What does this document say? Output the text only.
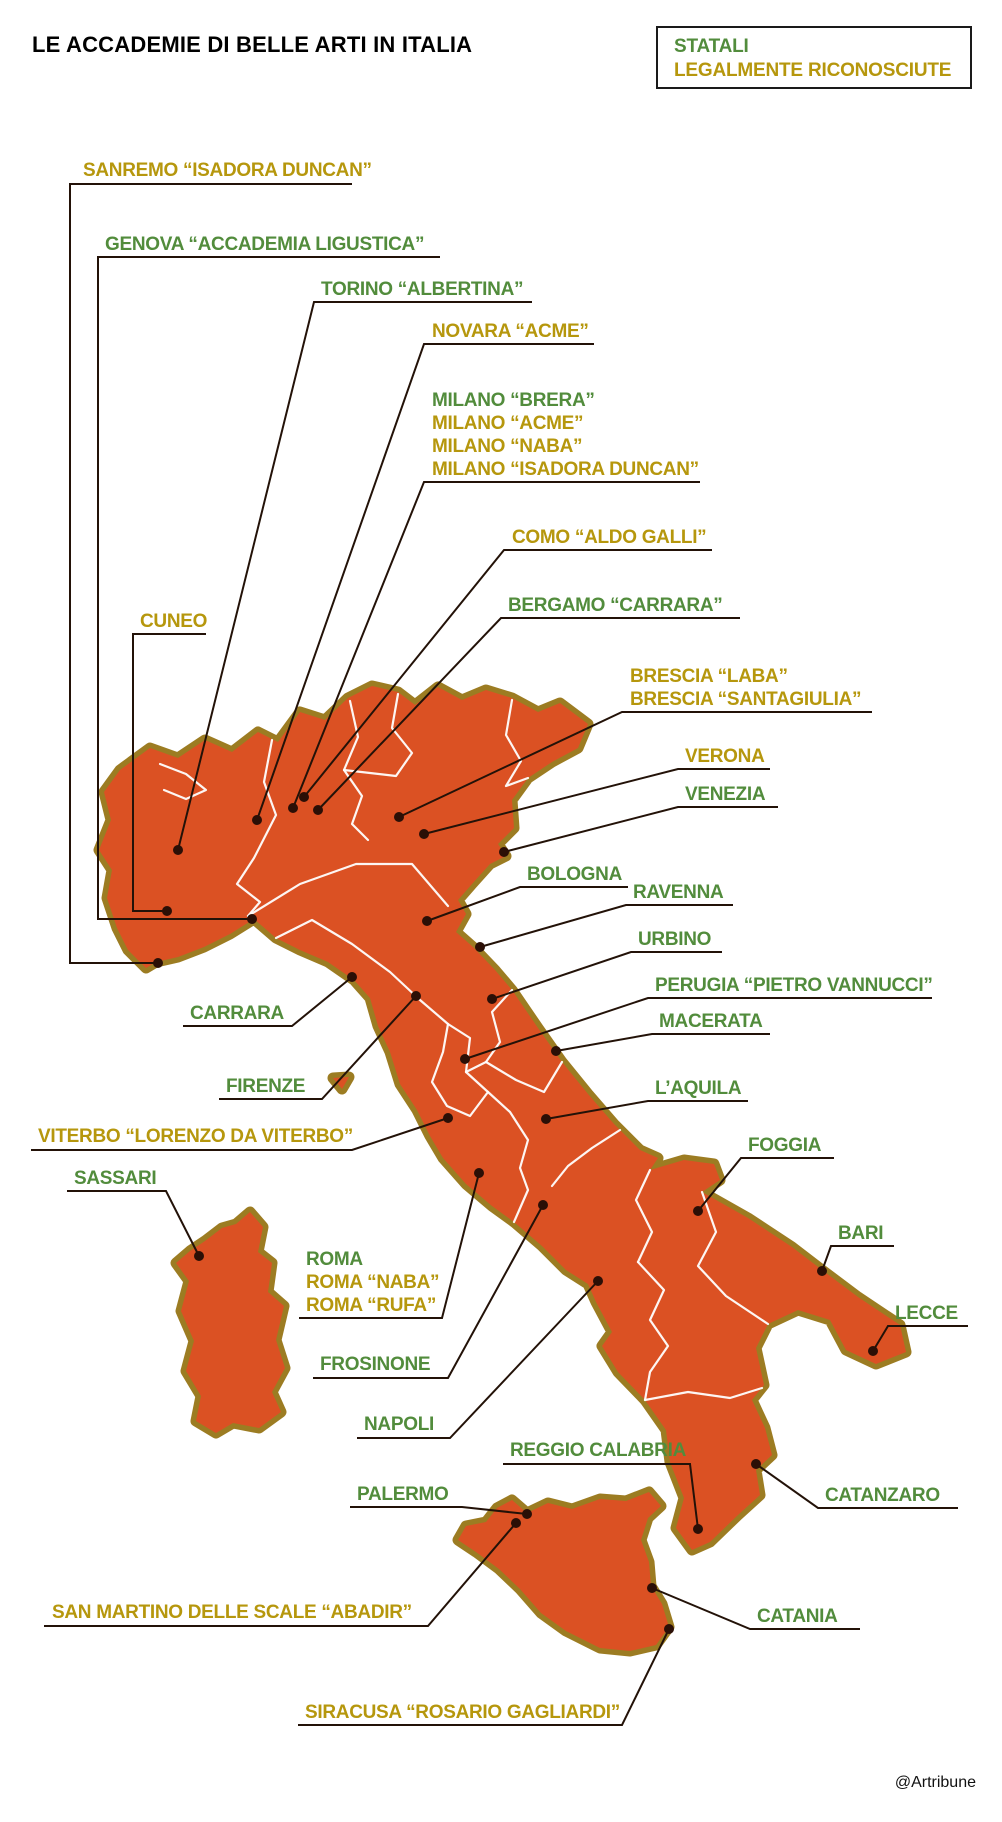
LE ACCADEMIE DI BELLE ARTI IN ITALIA	STATALI
LEGALMENTE RICONOSCIUTE
@Artribune
SANREMO “ISADORA DUNCAN”
GENOVA “ACCADEMIA LIGUSTICA”
TORINO “ALBERTINA”
NOVARA “ACME”
MILANO “BRERA”
MILANO “ACME”
MILANO “NABA”
MILANO “ISADORA DUNCAN”
COMO “ALDO GALLI”
BERGAMO “CARRARA”
CUNEO
BRESCIA “LABA”
BRESCIA “SANTAGIULIA”
VERONA
VENEZIA
BOLOGNA
RAVENNA
URBINO
PERUGIA “PIETRO VANNUCCI”
MACERATA
CARRARA
FIRENZE	L’AQUILA
VITERBO “LORENZO DA VITERBO”	FOGGIA
SASSARI
ROMA
ROMA “NABA”
ROMA “RUFA”
BARI
LECCE
FROSINONE
NAPOLI
REGGIO CALABRIA
PALERMO	CATANZARO
SAN MARTINO DELLE SCALE “ABADIR”	CATANIA
SIRACUSA “ROSARIO GAGLIARDI”
